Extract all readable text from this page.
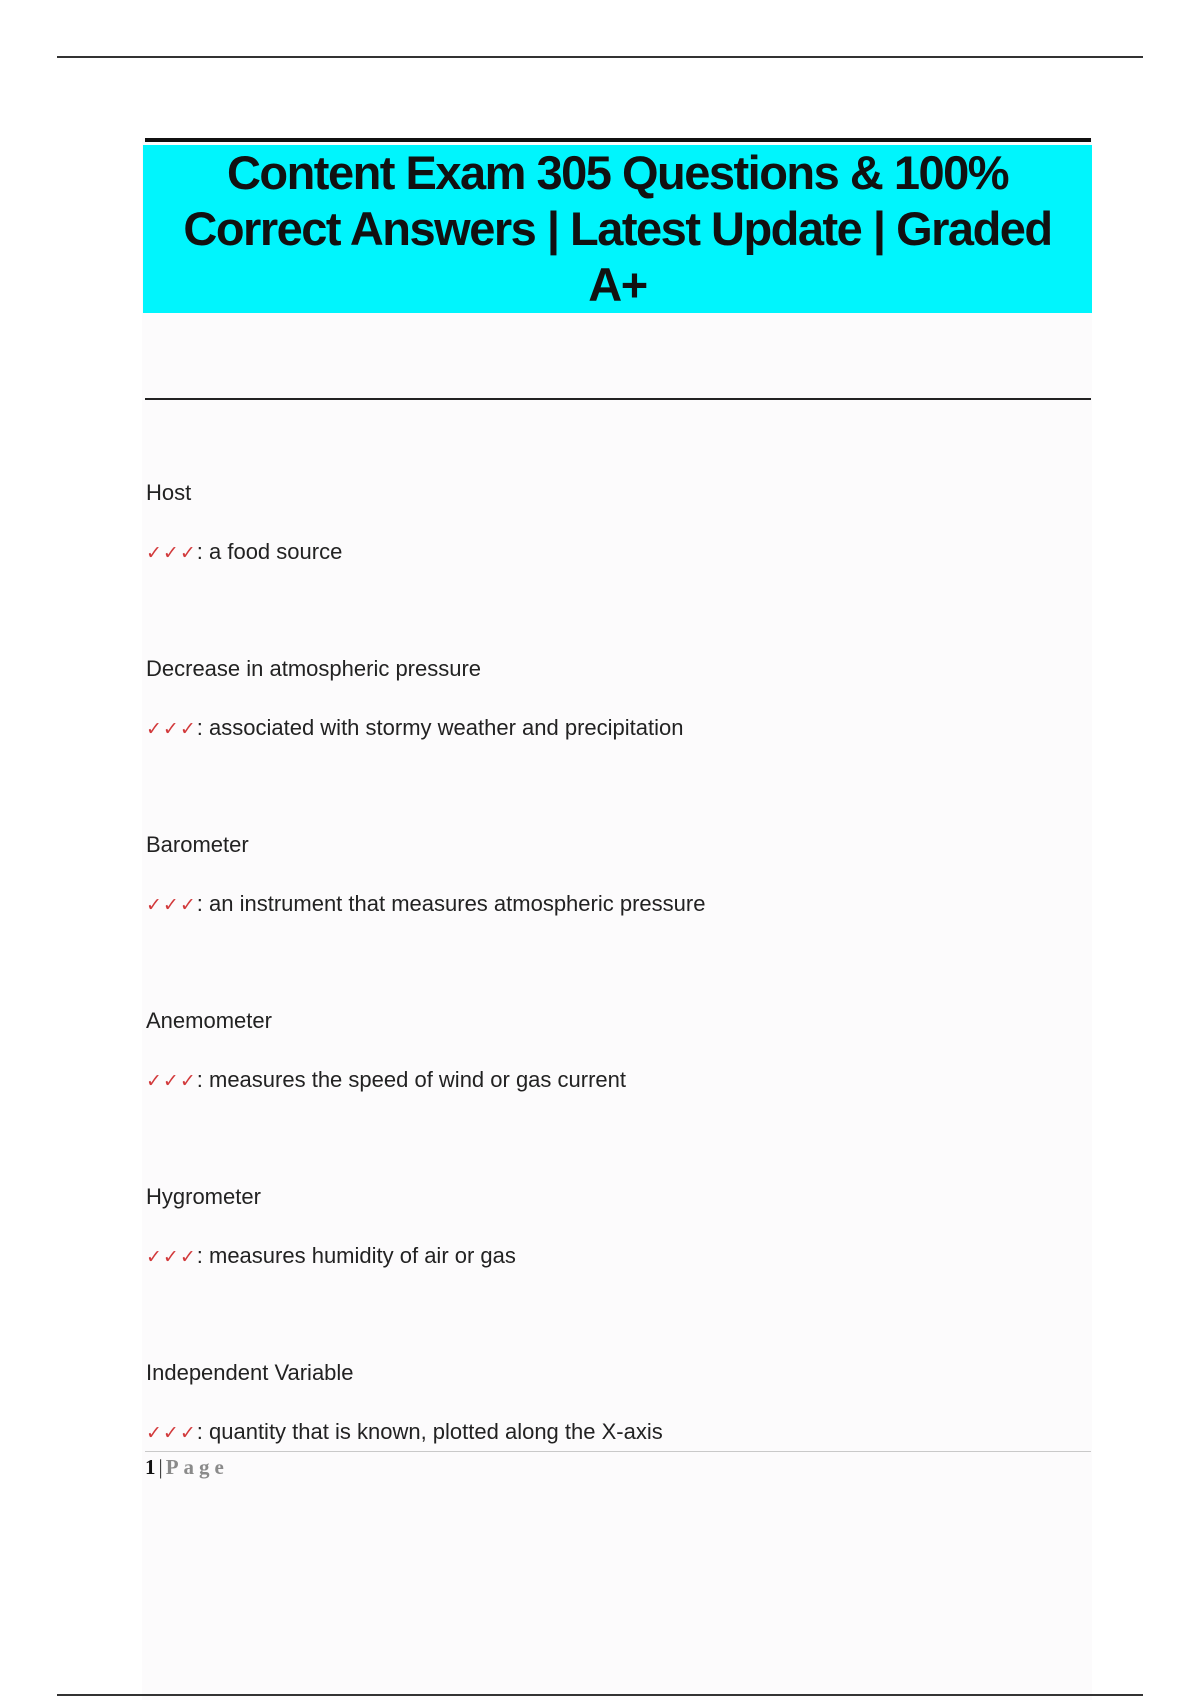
Content Exam 305 Questions & 100% Correct Answers | Latest Update | Graded A+

Host

✓✓✓: a food source

Decrease in atmospheric pressure

✓✓✓: associated with stormy weather and precipitation

Barometer

✓✓✓: an instrument that measures atmospheric pressure

Anemometer

✓✓✓: measures the speed of wind or gas current

Hygrometer

✓✓✓: measures humidity of air or gas

Independent Variable

✓✓✓: quantity that is known, plotted along the X-axis

1 | Page
